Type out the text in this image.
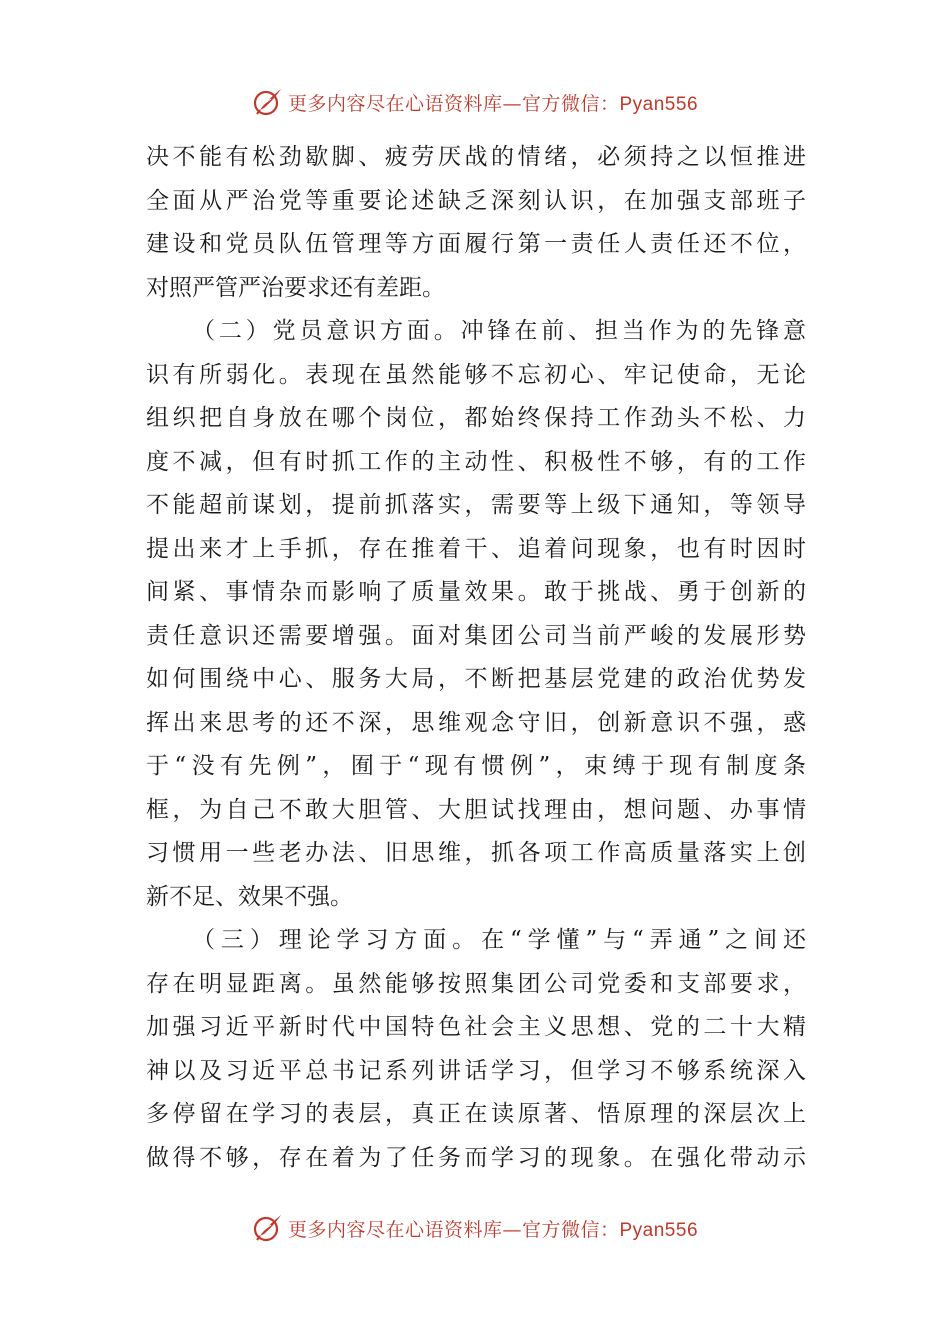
更多内容尽在心语资料库—官方微信：Pyan556
决不能有松劲歇脚、疲劳厌战的情绪，必须持之以恒推进
全面从严治党等重要论述缺乏深刻认识，在加强支部班子
建设和党员队伍管理等方面履行第一责任人责任还不位，
对照严管严治要求还有差距。
（二）党员意识方面。冲锋在前、担当作为的先锋意
识有所弱化。表现在虽然能够不忘初心、牢记使命，无论
组织把自身放在哪个岗位，都始终保持工作劲头不松、力
度不减，但有时抓工作的主动性、积极性不够，有的工作
不能超前谋划，提前抓落实，需要等上级下通知，等领导
提出来才上手抓，存在推着干、追着问现象，也有时因时
间紧、事情杂而影响了质量效果。敢于挑战、勇于创新的
责任意识还需要增强。面对集团公司当前严峻的发展形势
如何围绕中心、服务大局，不断把基层党建的政治优势发
挥出来思考的还不深，思维观念守旧，创新意识不强，惑
于“没有先例”，囿于“现有惯例”，束缚于现有制度条
框，为自己不敢大胆管、大胆试找理由，想问题、办事情
习惯用一些老办法、旧思维，抓各项工作高质量落实上创
新不足、效果不强。
（三）理论学习方面。在“学懂”与“弄通”之间还
存在明显距离。虽然能够按照集团公司党委和支部要求，
加强习近平新时代中国特色社会主义思想、党的二十大精
神以及习近平总书记系列讲话学习，但学习不够系统深入
多停留在学习的表层，真正在读原著、悟原理的深层次上
做得不够，存在着为了任务而学习的现象。在强化带动示
更多内容尽在心语资料库—官方微信：Pyan556
